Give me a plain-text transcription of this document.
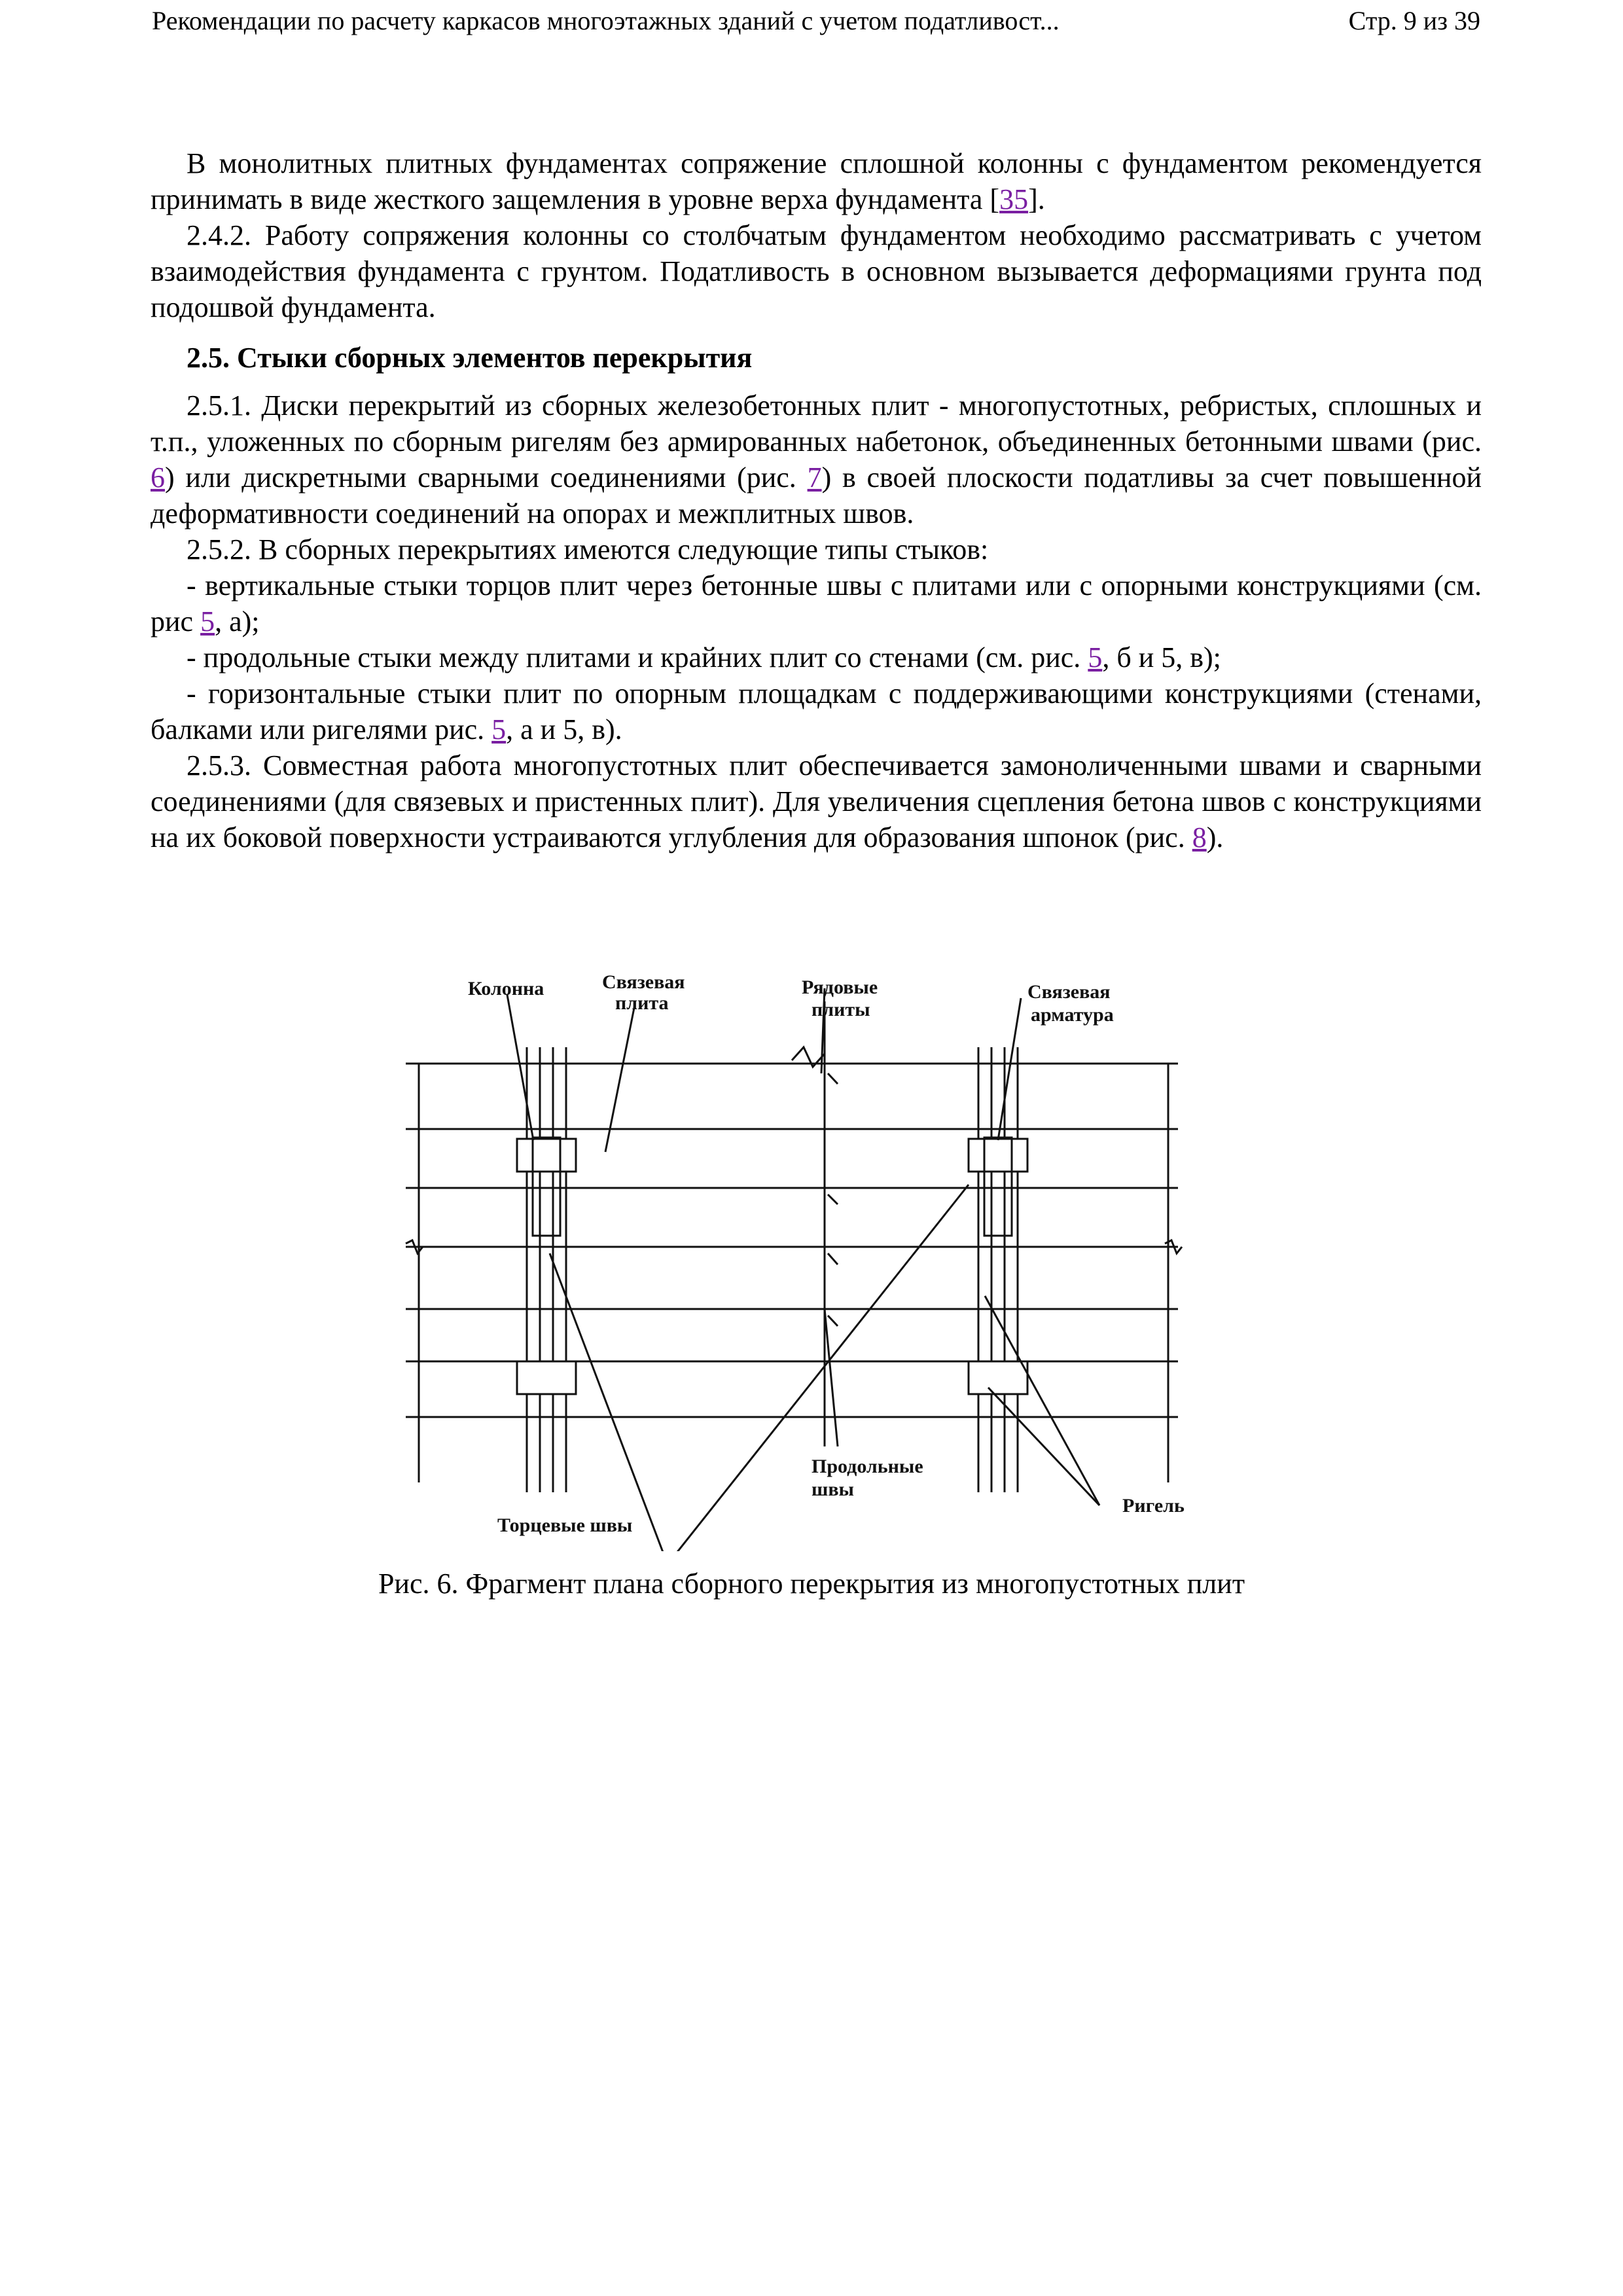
Рекомендации по расчету каркасов многоэтажных зданий с учетом податливост...	Стр. 9 из 39

В монолитных плитных фундаментах сопряжение сплошной колонны с фундаментом рекомендуется принимать в виде жесткого защемления в уровне верха фундамента [35].

2.4.2. Работу сопряжения колонны со столбчатым фундаментом необходимо рассматривать с учетом взаимодействия фундамента с грунтом. Податливость в основном вызывается деформациями грунта под подошвой фундамента.

2.5. Стыки сборных элементов перекрытия

2.5.1. Диски перекрытий из сборных железобетонных плит - многопустотных, ребристых, сплошных и т.п., уложенных по сборным ригелям без армированных набетонок, объединенных бетонными швами (рис. 6) или дискретными сварными соединениями (рис. 7) в своей плоскости податливы за счет повышенной деформативности соединений на опорах и межплитных швов.

2.5.2. В сборных перекрытиях имеются следующие типы стыков:

- вертикальные стыки торцов плит через бетонные швы с плитами или с опорными конструкциями (см. рис 5, а);

- продольные стыки между плитами и крайних плит со стенами (см. рис. 5, б и 5, в);

- горизонтальные стыки плит по опорным площадкам с поддерживающими конструкциями (стенами, балками или ригелями рис. 5, а и 5, в).

2.5.3. Совместная работа многопустотных плит обеспечивается замоноличенными швами и сварными соединениями (для связевых и пристенных плит). Для увеличения сцепления бетона швов с конструкциями на их боковой поверхности устраиваются углубления для образования шпонок (рис. 8).

Колонна	Связевая
плита
Рядовые
плиты
Связевая
арматура
Продольные
швы
Торцевые швы
Ригель
Рис. 6. Фрагмент плана сборного перекрытия из многопустотных плит
